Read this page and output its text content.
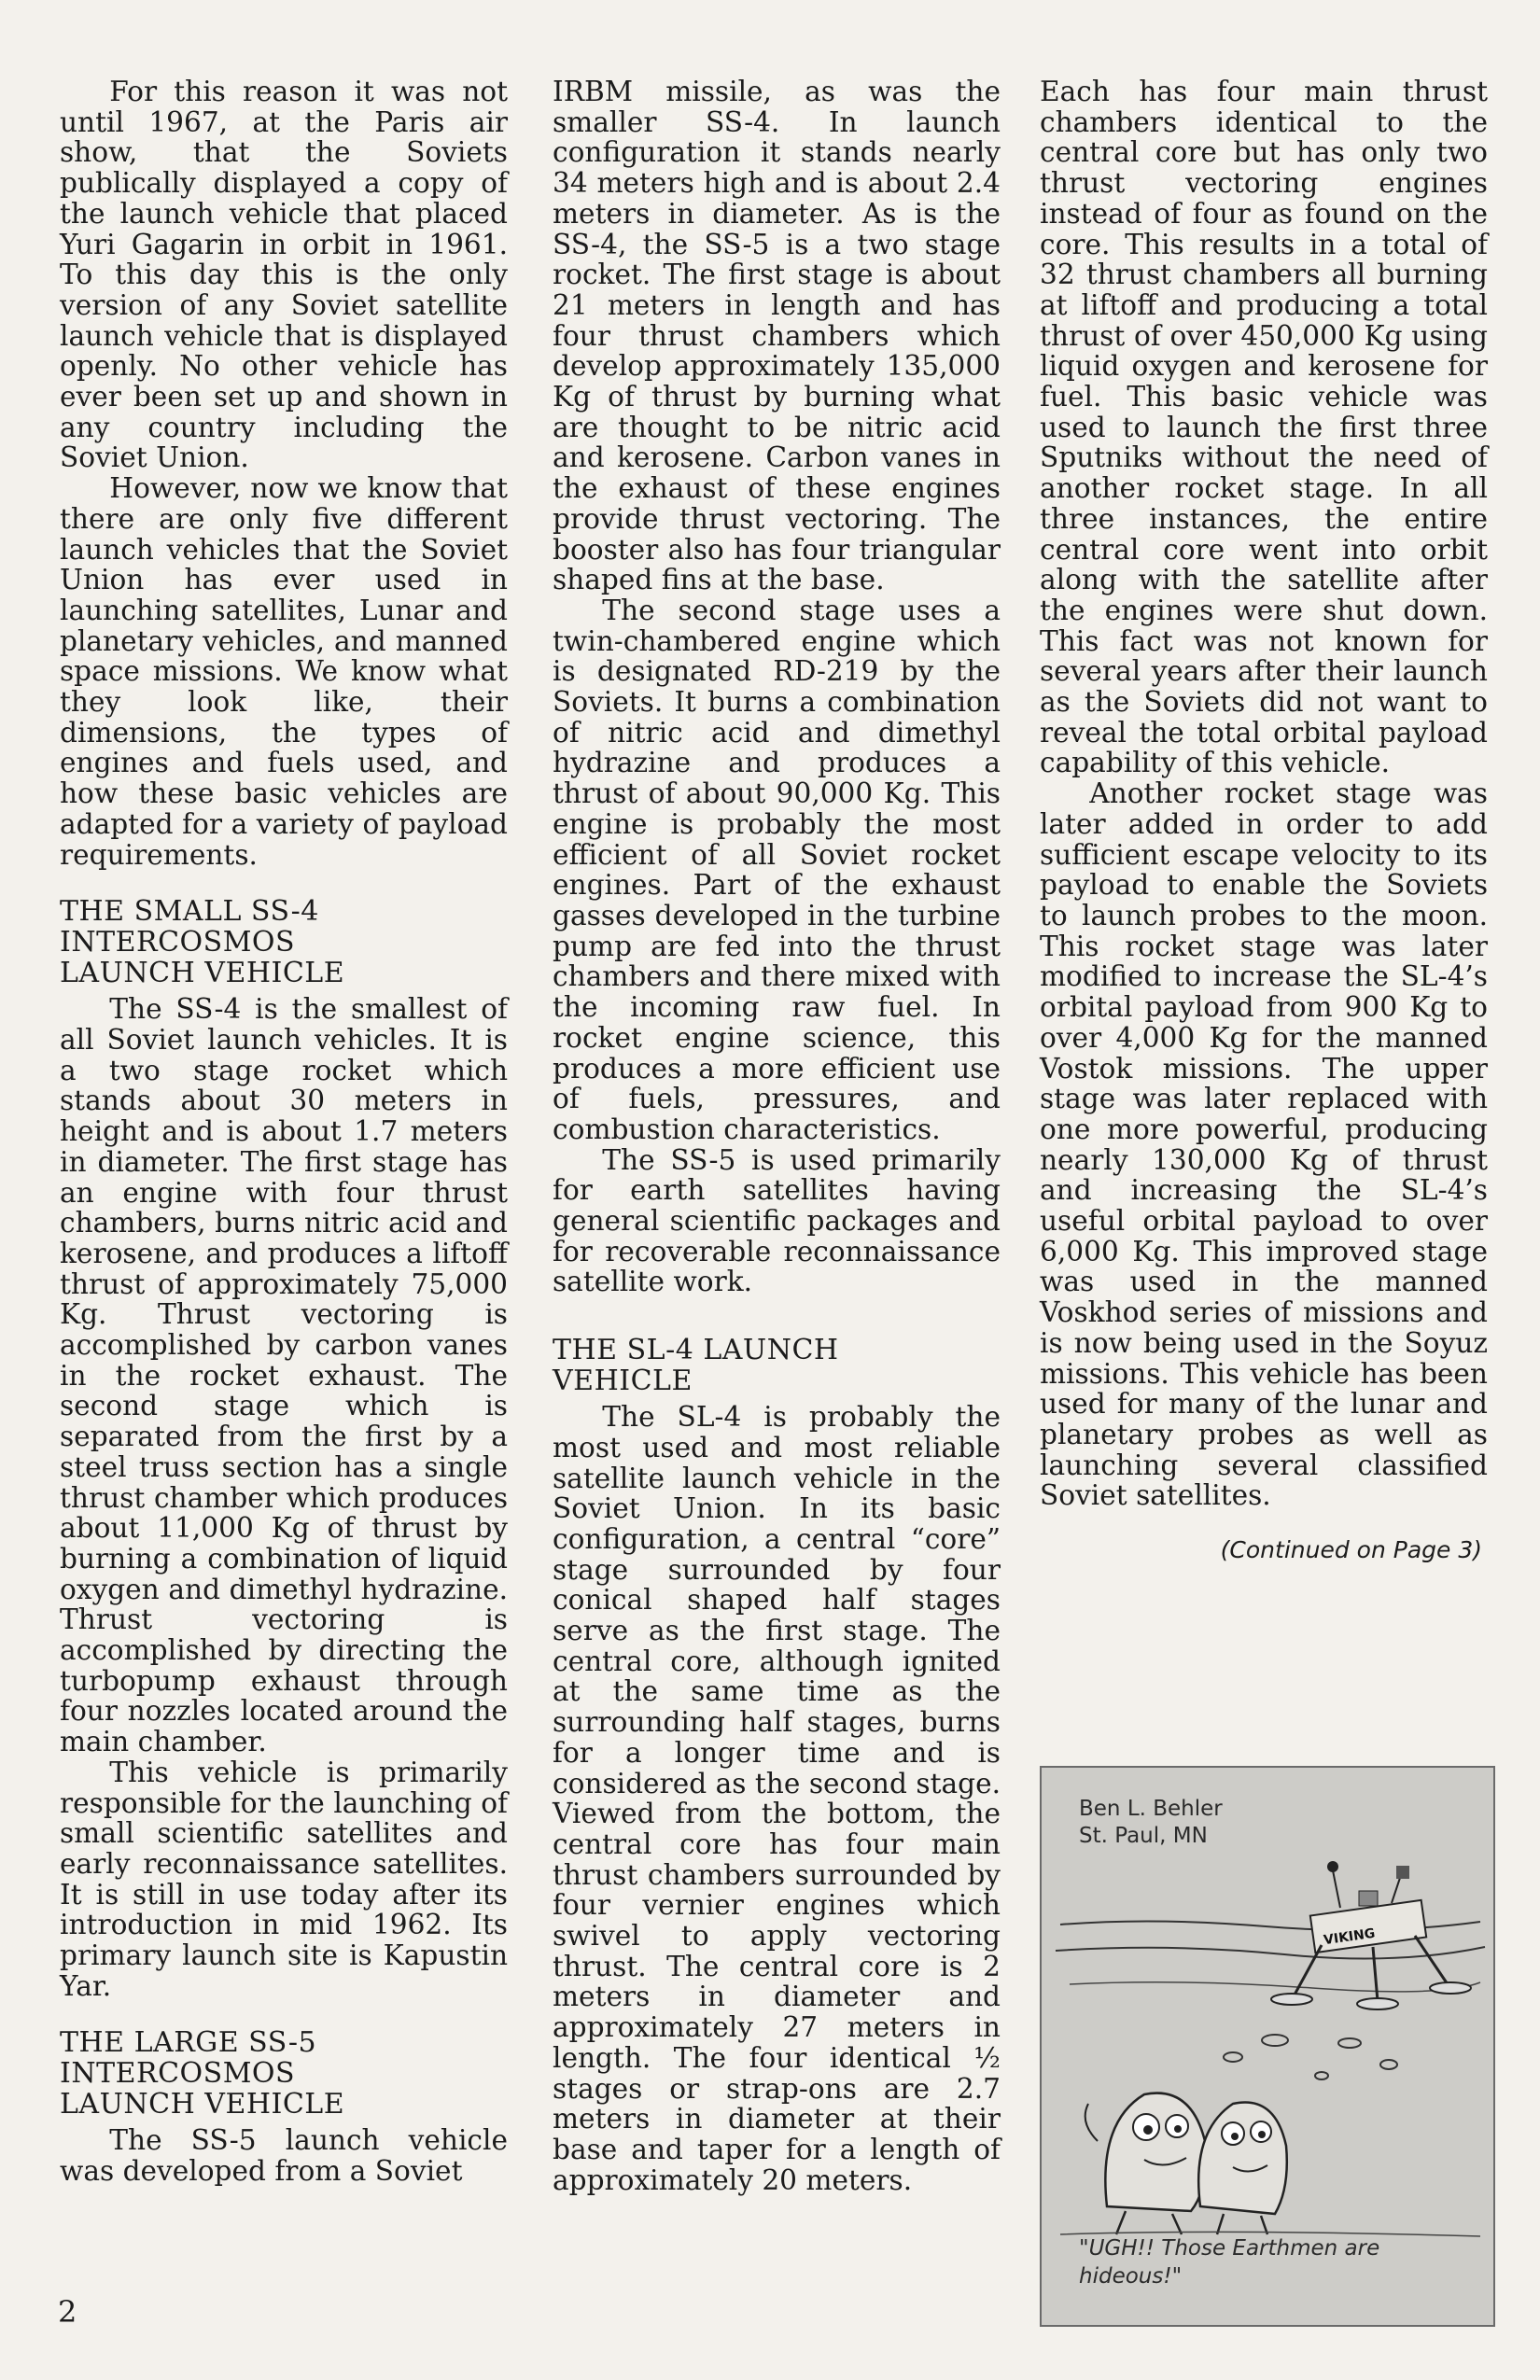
For this reason it was not until 1967, at the Paris air show, that the Soviets publically displayed a copy of the launch vehicle that placed Yuri Gagarin in orbit in 1961. To this day this is the only version of any Soviet satellite launch vehicle that is displayed openly. No other vehicle has ever been set up and shown in any country including the Soviet Union.

However, now we know that there are only five different launch vehicles that the Soviet Union has ever used in launching satellites, Lunar and planetary vehicles, and manned space missions. We know what they look like, their dimensions, the types of engines and fuels used, and how these basic vehicles are adapted for a variety of payload requirements.

THE SMALL SS-4
INTERCOSMOS
LAUNCH VEHICLE

The SS-4 is the smallest of all Soviet launch vehicles. It is a two stage rocket which stands about 30 meters in height and is about 1.7 meters in diameter. The first stage has an engine with four thrust chambers, burns nitric acid and kerosene, and produces a liftoff thrust of approximately 75,000 Kg. Thrust vectoring is accomplished by carbon vanes in the rocket exhaust. The second stage which is separated from the first by a steel truss section has a single thrust chamber which produces about 11,000 Kg of thrust by burning a combination of liquid oxygen and dimethyl hydrazine. Thrust vectoring is accomplished by directing the turbopump exhaust through four nozzles located around the main chamber.

This vehicle is primarily responsible for the launching of small scientific satellites and early reconnaissance satellites. It is still in use today after its introduction in mid 1962. Its primary launch site is Kapustin Yar.

THE LARGE SS-5
INTERCOSMOS
LAUNCH VEHICLE

The SS-5 launch vehicle was developed from a Soviet

IRBM missile, as was the smaller SS-4. In launch configuration it stands nearly 34 meters high and is about 2.4 meters in diameter. As is the SS-4, the SS-5 is a two stage rocket. The first stage is about 21 meters in length and has four thrust chambers which develop approximately 135,000 Kg of thrust by burning what are thought to be nitric acid and kerosene. Carbon vanes in the exhaust of these engines provide thrust vectoring. The booster also has four triangular shaped fins at the base.

The second stage uses a twin-chambered engine which is designated RD-219 by the Soviets. It burns a combination of nitric acid and dimethyl hydrazine and produces a thrust of about 90,000 Kg. This engine is probably the most efficient of all Soviet rocket engines. Part of the exhaust gasses developed in the turbine pump are fed into the thrust chambers and there mixed with the incoming raw fuel. In rocket engine science, this produces a more efficient use of fuels, pressures, and combustion characteristics.

The SS-5 is used primarily for earth satellites having general scientific packages and for recoverable reconnaissance satellite work.

THE SL-4 LAUNCH
VEHICLE

The SL-4 is probably the most used and most reliable satellite launch vehicle in the Soviet Union. In its basic configuration, a central “core” stage surrounded by four conical shaped half stages serve as the first stage. The central core, although ignited at the same time as the surrounding half stages, burns for a longer time and is considered as the second stage. Viewed from the bottom, the central core has four main thrust chambers surrounded by four vernier engines which swivel to apply vectoring thrust. The central core is 2 meters in diameter and approximately 27 meters in length. The four identical ½ stages or strap-ons are 2.7 meters in diameter at their base and taper for a length of approximately 20 meters.

Each has four main thrust chambers identical to the central core but has only two thrust vectoring engines instead of four as found on the core. This results in a total of 32 thrust chambers all burning at liftoff and producing a total thrust of over 450,000 Kg using liquid oxygen and kerosene for fuel. This basic vehicle was used to launch the first three Sputniks without the need of another rocket stage. In all three instances, the entire central core went into orbit along with the satellite after the engines were shut down. This fact was not known for several years after their launch as the Soviets did not want to reveal the total orbital payload capability of this vehicle.

Another rocket stage was later added in order to add sufficient escape velocity to its payload to enable the Soviets to launch probes to the moon. This rocket stage was later modified to increase the SL-4’s orbital payload from 900 Kg to over 4,000 Kg for the manned Vostok missions. The upper stage was later replaced with one more powerful, producing nearly 130,000 Kg of thrust and increasing the SL-4’s useful orbital payload to over 6,000 Kg. This improved stage was used in the manned Voskhod series of missions and is now being used in the Soyuz missions. This vehicle has been used for many of the lunar and planetary probes as well as launching several classified Soviet satellites.

(Continued on Page 3)
VIKING
Ben L. Behler
St. Paul, MN
"UGH!! Those Earthmen are hideous!"
2
